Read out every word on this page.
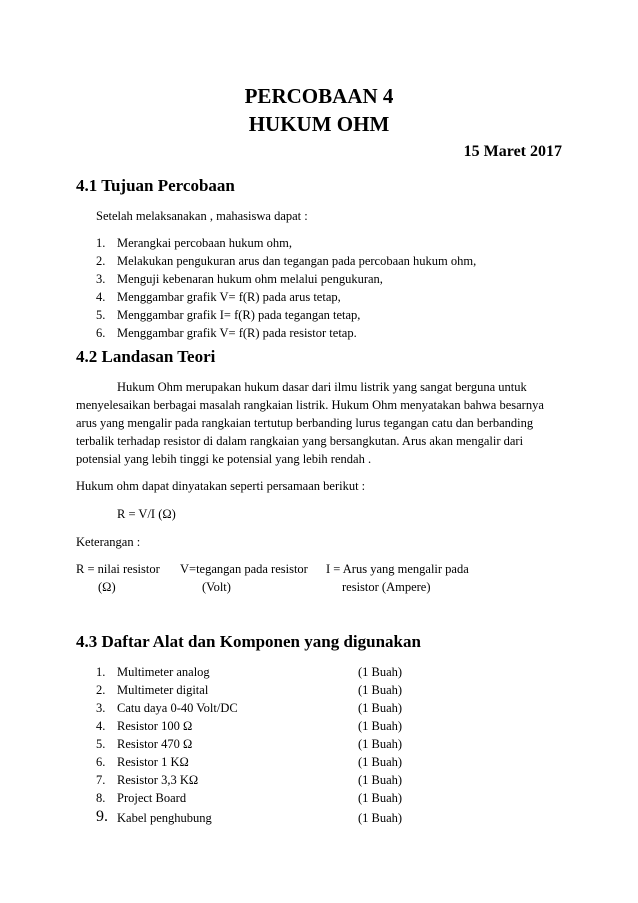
PERCOBAAN 4
HUKUM OHM
15 Maret 2017
4.1 Tujuan Percobaan
Setelah melaksanakan , mahasiswa dapat :
1. Merangkai percobaan hukum ohm,
2. Melakukan pengukuran arus dan tegangan pada percobaan hukum ohm,
3. Menguji kebenaran hukum ohm melalui pengukuran,
4. Menggambar grafik V= f(R) pada arus tetap,
5. Menggambar grafik I= f(R) pada tegangan tetap,
6. Menggambar grafik V= f(R) pada resistor tetap.
4.2 Landasan Teori
Hukum Ohm merupakan hukum dasar dari ilmu listrik yang sangat berguna untuk
menyelesaikan berbagai masalah rangkaian listrik. Hukum Ohm menyatakan bahwa besarnya
arus yang mengalir pada rangkaian tertutup berbanding lurus tegangan catu dan berbanding
terbalik terhadap resistor di dalam rangkaian yang bersangkutan. Arus akan mengalir dari
potensial yang lebih tinggi ke potensial yang lebih rendah .
Hukum ohm dapat dinyatakan seperti persamaan berikut :
R = V/I (Ω)
Keterangan :
R = nilai resistor
(Ω)
V=tegangan pada resistor
(Volt)
I = Arus yang mengalir pada
resistor (Ampere)
4.3 Daftar Alat dan Komponen yang digunakan
1. Multimeter analog	(1 Buah)
2. Multimeter digital	(1 Buah)
3. Catu daya 0-40 Volt/DC	(1 Buah)
4. Resistor 100 Ω	(1 Buah)
5. Resistor 470 Ω	(1 Buah)
6. Resistor 1 KΩ	(1 Buah)
7. Resistor 3,3 KΩ	(1 Buah)
8. Project Board	(1 Buah)
9. Kabel penghubung	(1 Buah)
